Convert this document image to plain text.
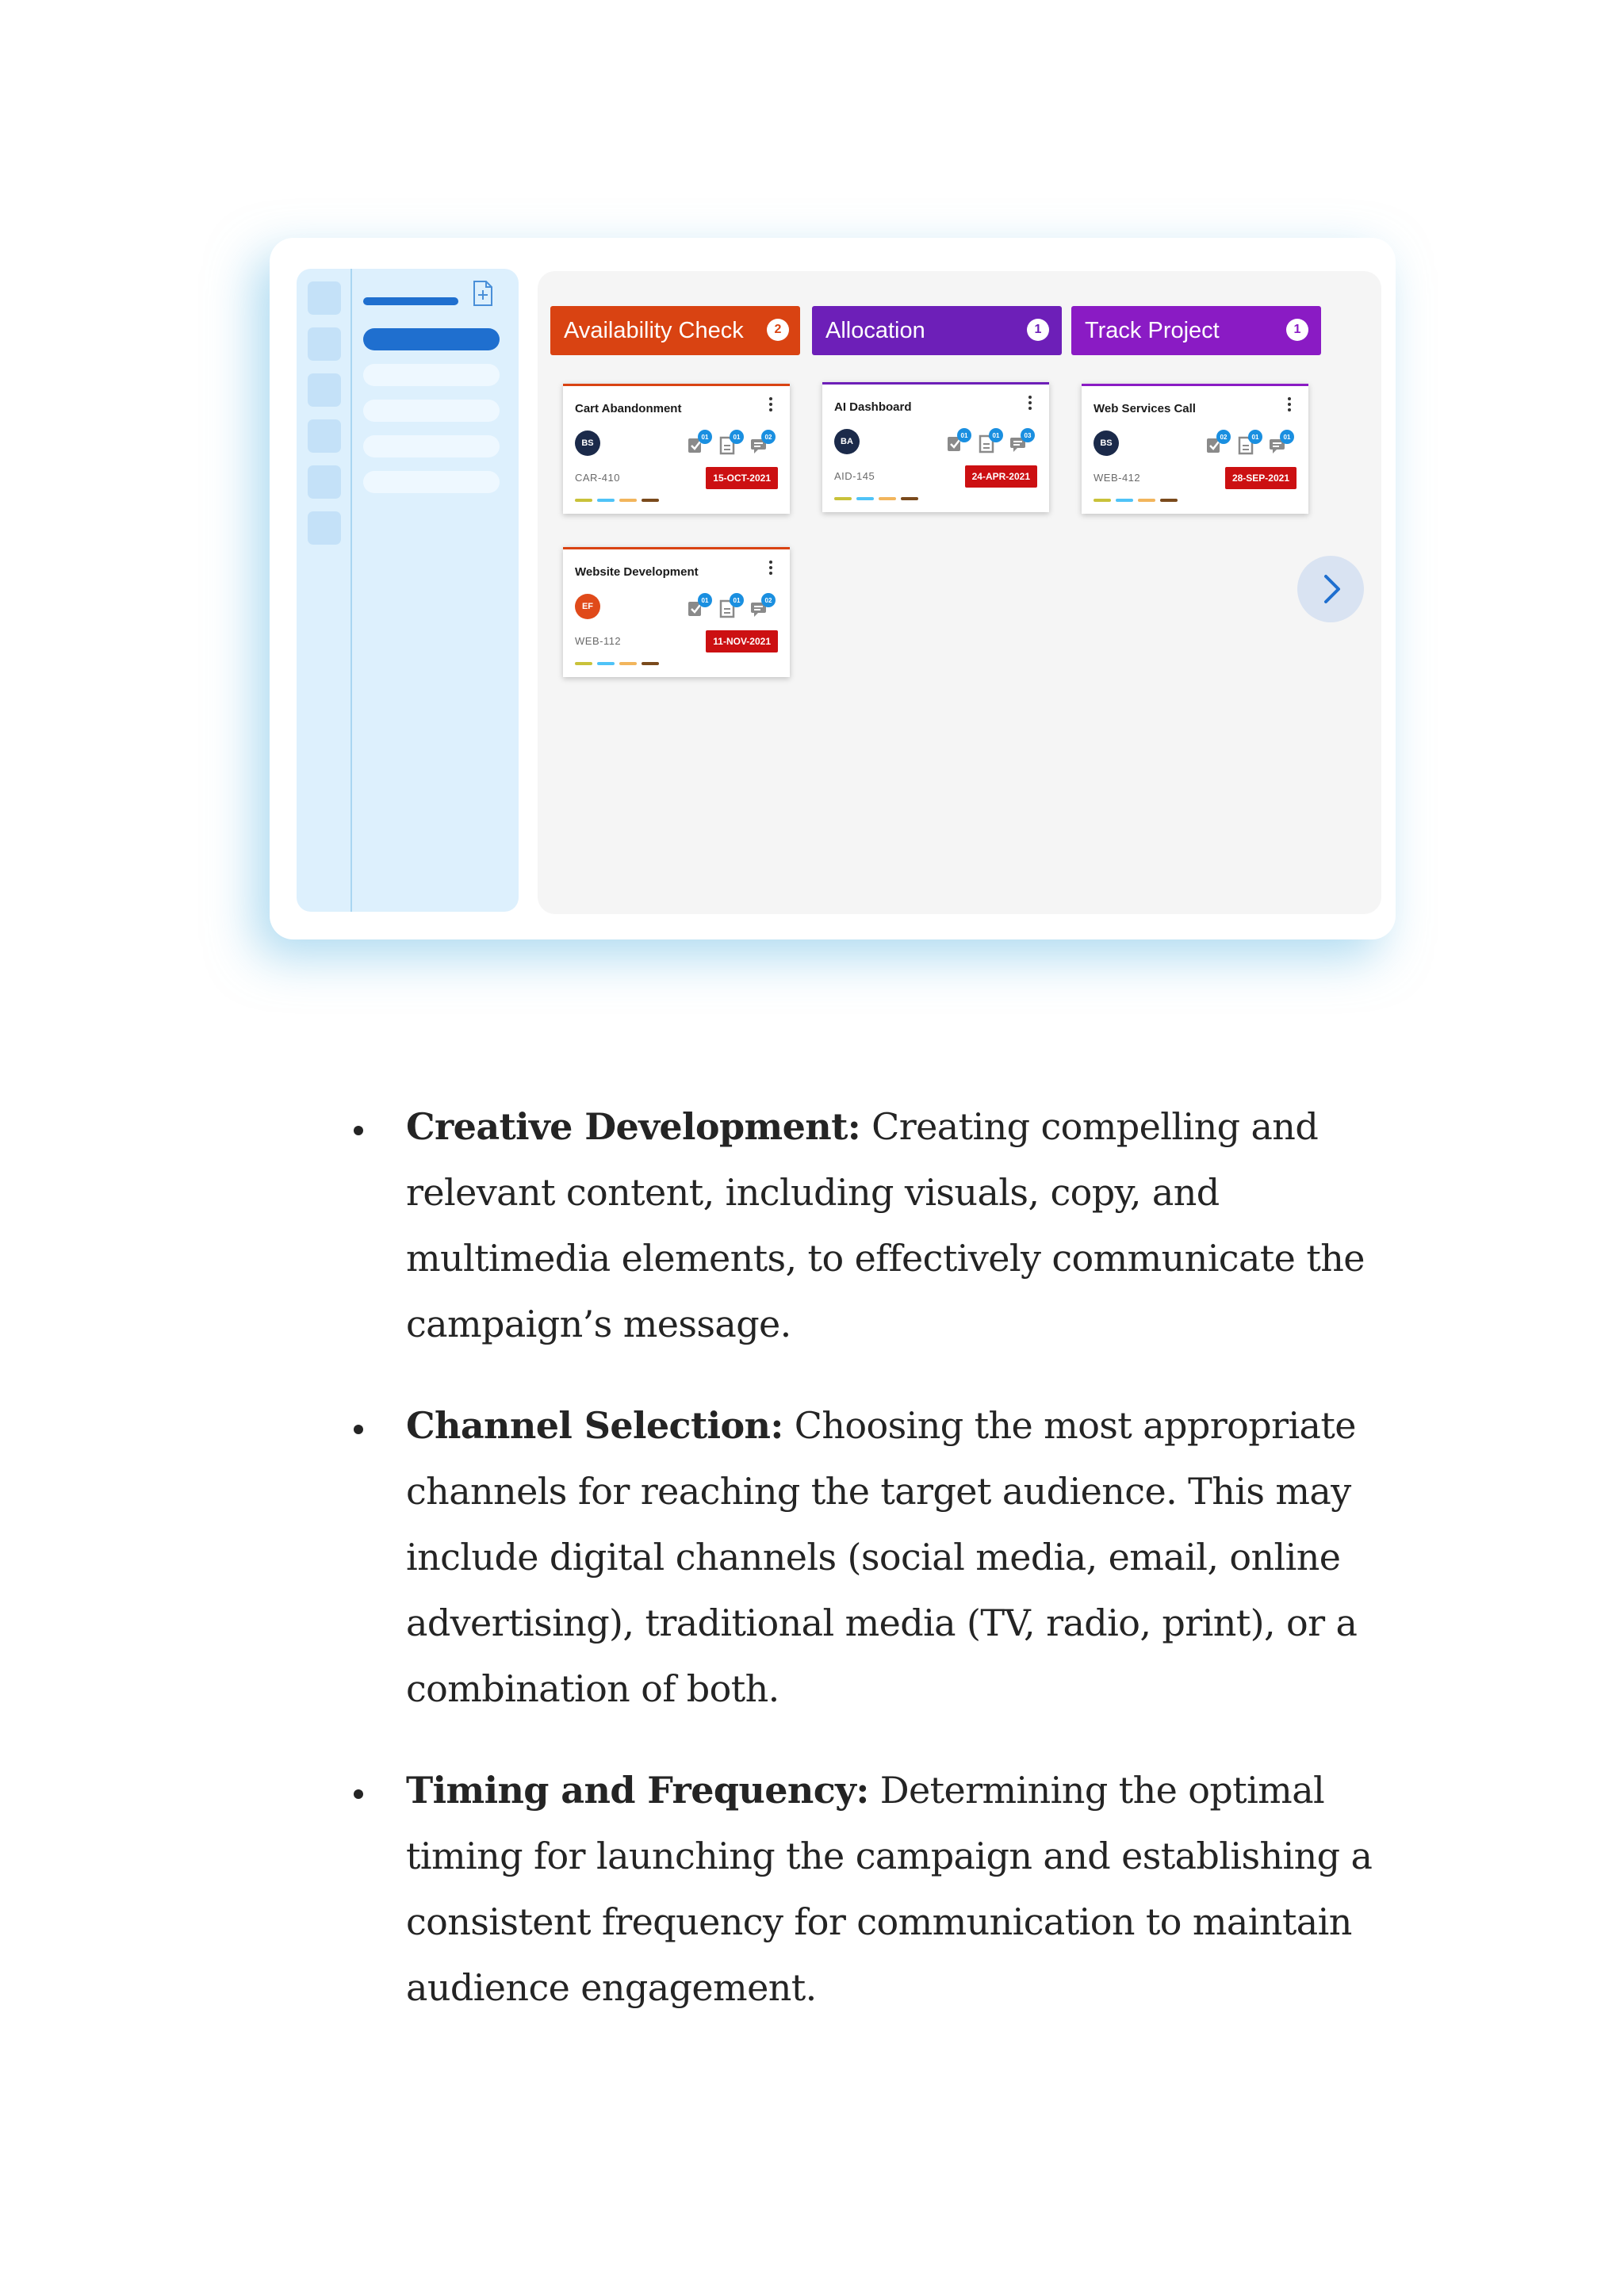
Availability Check	2	Allocation	1	Track Project	1
Cart Abandonment
BS
01	01	02
CAR-410	15-OCT-2021
Website Development
EF
01	01	02
WEB-112	11-NOV-2021
AI Dashboard
BA
01	01	03
AID-145	24-APR-2021
Web Services Call
BS
02	01	01
WEB-412	28-SEP-2021
Creative Development: Creating compelling and relevant content, including visuals, copy, and multimedia elements, to effectively communicate the campaign’s message.
Channel Selection: Choosing the most appropriate channels for reaching the target audience. This may include digital channels (social media, email, online advertising), traditional media (TV, radio, print), or a combination of both.
Timing and Frequency: Determining the optimal timing for launching the campaign and establishing a consistent frequency for communication to maintain audience engagement.
